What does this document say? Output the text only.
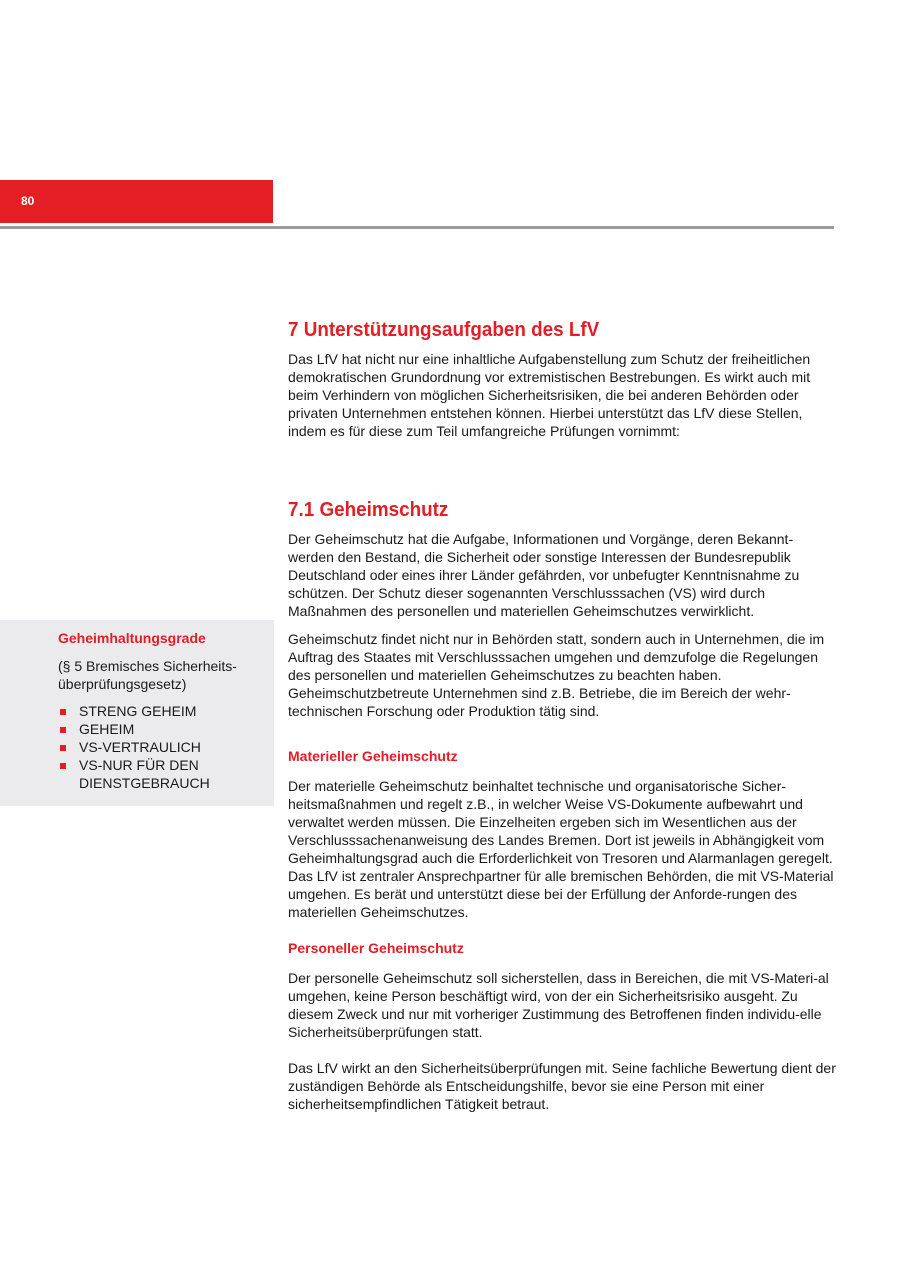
80
Geheimhaltungsgrade
(§ 5 Bremisches Sicherheits-überprüfungsgesetz)
STRENG GEHEIM
GEHEIM
VS-VERTRAULICH
VS-NUR FÜR DEN DIENSTGEBRAUCH
7 Unterstützungsaufgaben des LfV

Das LfV hat nicht nur eine inhaltliche Aufgabenstellung zum Schutz der freiheitlichen demokratischen Grundordnung vor extremistischen Bestrebungen. Es wirkt auch mit beim Verhindern von möglichen Sicherheitsrisiken, die bei anderen Behörden oder privaten Unternehmen entstehen können. Hierbei unterstützt das LfV diese Stellen, indem es für diese zum Teil umfangreiche Prüfungen vornimmt:

7.1 Geheimschutz

Der Geheimschutz hat die Aufgabe, Informationen und Vorgänge, deren Bekannt-werden den Bestand, die Sicherheit oder sonstige Interessen der Bundesrepublik Deutschland oder eines ihrer Länder gefährden, vor unbefugter Kenntnisnahme zu schützen. Der Schutz dieser sogenannten Verschlusssachen (VS) wird durch Maßnahmen des personellen und materiellen Geheimschutzes verwirklicht.

Geheimschutz findet nicht nur in Behörden statt, sondern auch in Unternehmen, die im Auftrag des Staates mit Verschlusssachen umgehen und demzufolge die Regelungen des personellen und materiellen Geheimschutzes zu beachten haben. Geheimschutzbetreute Unternehmen sind z.B. Betriebe, die im Bereich der wehr-technischen Forschung oder Produktion tätig sind.

Materieller Geheimschutz

Der materielle Geheimschutz beinhaltet technische und organisatorische Sicher-heitsmaßnahmen und regelt z.B., in welcher Weise VS-Dokumente aufbewahrt und verwaltet werden müssen. Die Einzelheiten ergeben sich im Wesentlichen aus der Verschlusssachenanweisung des Landes Bremen. Dort ist jeweils in Abhängigkeit vom Geheimhaltungsgrad auch die Erforderlichkeit von Tresoren und Alarmanlagen geregelt. Das LfV ist zentraler Ansprechpartner für alle bremischen Behörden, die mit VS-Material umgehen. Es berät und unterstützt diese bei der Erfüllung der Anforde-rungen des materiellen Geheimschutzes.

Personeller Geheimschutz

Der personelle Geheimschutz soll sicherstellen, dass in Bereichen, die mit VS-Materi-al umgehen, keine Person beschäftigt wird, von der ein Sicherheitsrisiko ausgeht. Zu diesem Zweck und nur mit vorheriger Zustimmung des Betroffenen finden individu-elle Sicherheitsüberprüfungen statt.

Das LfV wirkt an den Sicherheitsüberprüfungen mit. Seine fachliche Bewertung dient der zuständigen Behörde als Entscheidungshilfe, bevor sie eine Person mit einer sicherheitsempfindlichen Tätigkeit betraut.
